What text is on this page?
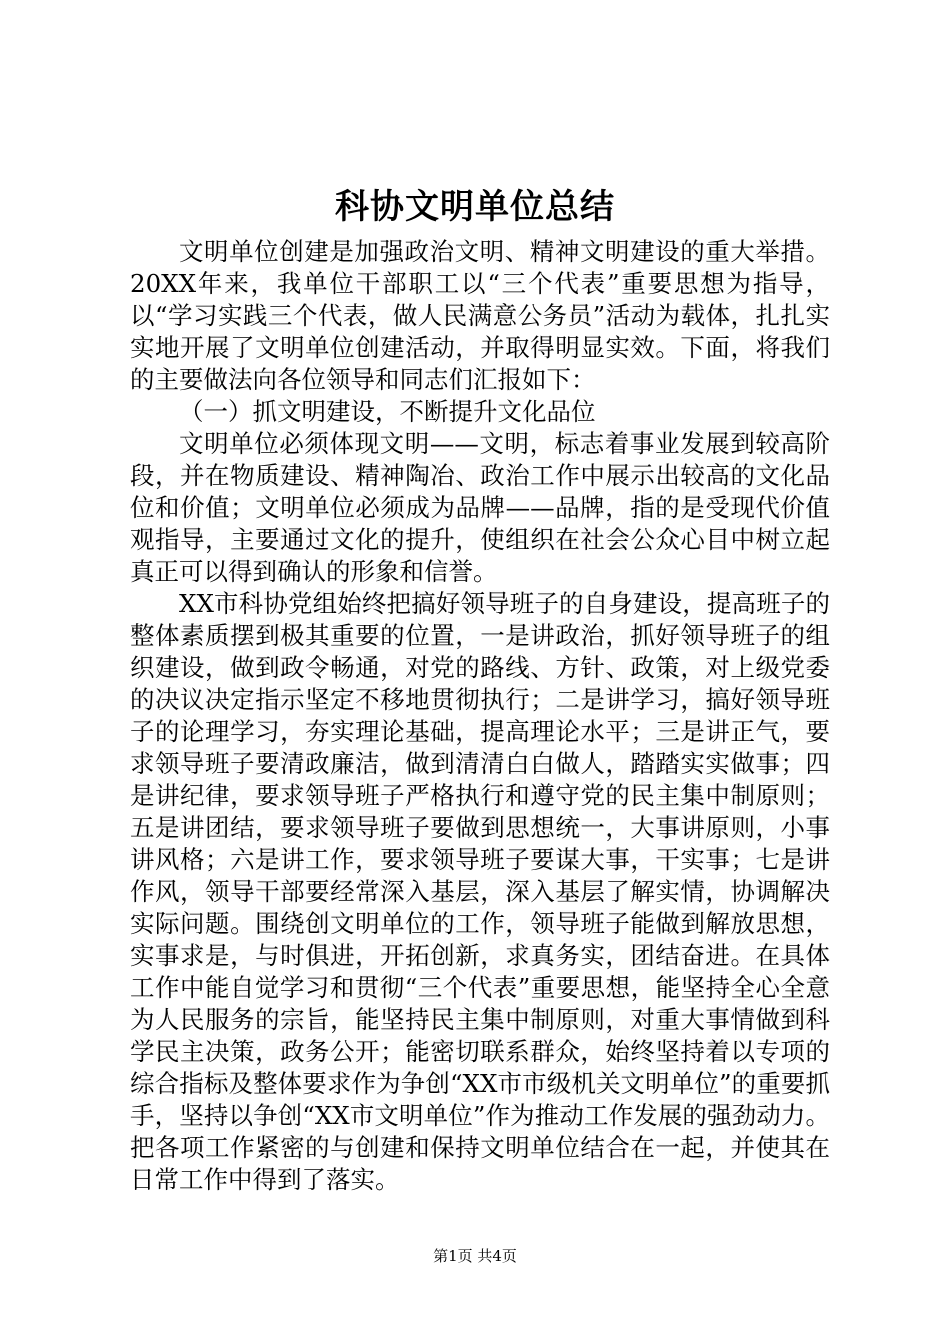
科协文明单位总结

文明单位创建是加强政治文明、精神文明建设的重大举措。20XX年来，我单位干部职工以“三个代表”重要思想为指导，以“学习实践三个代表，做人民满意公务员”活动为载体，扎扎实实地开展了文明单位创建活动，并取得明显实效。下面，将我们的主要做法向各位领导和同志们汇报如下：

（一）抓文明建设，不断提升文化品位

文明单位必须体现文明——文明，标志着事业发展到较高阶段，并在物质建设、精神陶冶、政治工作中展示出较高的文化品位和价值；文明单位必须成为品牌——品牌，指的是受现代价值观指导，主要通过文化的提升，使组织在社会公众心目中树立起真正可以得到确认的形象和信誉。

XX市科协党组始终把搞好领导班子的自身建设，提高班子的整体素质摆到极其重要的位置，一是讲政治，抓好领导班子的组织建设，做到政令畅通，对党的路线、方针、政策，对上级党委的决议决定指示坚定不移地贯彻执行；二是讲学习，搞好领导班子的论理学习，夯实理论基础，提高理论水平；三是讲正气，要求领导班子要清政廉洁，做到清清白白做人，踏踏实实做事；四是讲纪律，要求领导班子严格执行和遵守党的民主集中制原则；五是讲团结，要求领导班子要做到思想统一，大事讲原则，小事讲风格；六是讲工作，要求领导班子要谋大事，干实事；七是讲作风，领导干部要经常深入基层，深入基层了解实情，协调解决实际问题。围绕创文明单位的工作，领导班子能做到解放思想，实事求是，与时俱进，开拓创新，求真务实，团结奋进。在具体工作中能自觉学习和贯彻“三个代表”重要思想，能坚持全心全意为人民服务的宗旨，能坚持民主集中制原则，对重大事情做到科学民主决策，政务公开；能密切联系群众，始终坚持着以专项的综合指标及整体要求作为争创“XX市市级机关文明单位”的重要抓手，坚持以争创“XX市文明单位”作为推动工作发展的强劲动力。把各项工作紧密的与创建和保持文明单位结合在一起，并使其在日常工作中得到了落实。

第1页 共4页
